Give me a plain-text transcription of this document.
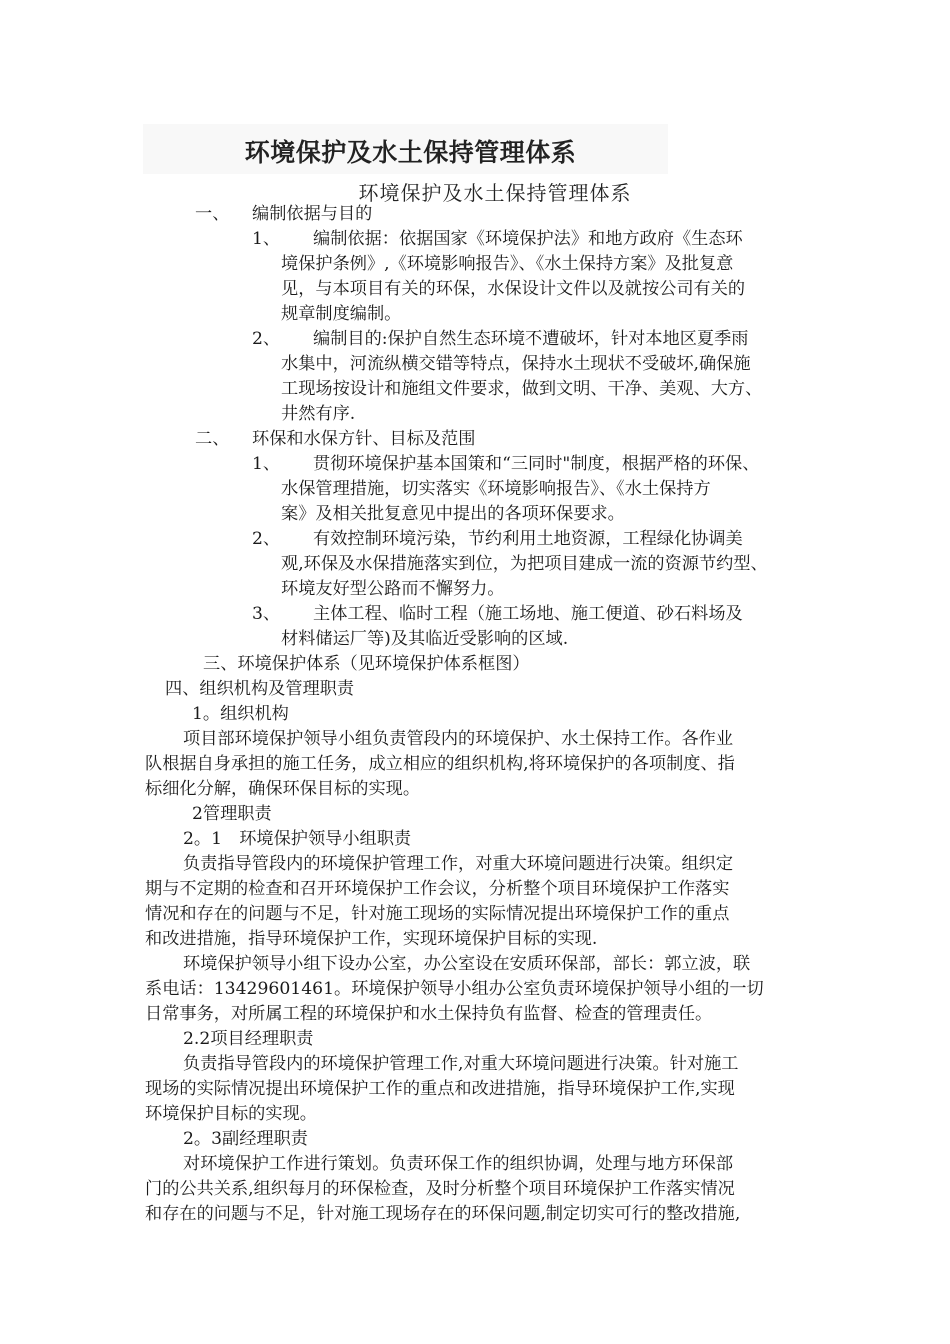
环境保护及水土保持管理体系
环境保护及水土保持管理体系
一、 编制依据与目的
1、 编制依据：依据国家《环境保护法》和地方政府《生态环
境保护条例》,《环境影响报告》、《水土保持方案》及批复意
见，与本项目有关的环保，水保设计文件以及就按公司有关的
规章制度编制。
2、 编制目的:保护自然生态环境不遭破坏，针对本地区夏季雨
水集中，河流纵横交错等特点，保持水土现状不受破坏,确保施
工现场按设计和施组文件要求，做到文明、干净、美观、大方、
井然有序.
二、 环保和水保方针、目标及范围
1、 贯彻环境保护基本国策和“三同时"制度，根据严格的环保、
水保管理措施，切实落实《环境影响报告》、《水土保持方
案》及相关批复意见中提出的各项环保要求。
2、 有效控制环境污染，节约利用土地资源，工程绿化协调美
观,环保及水保措施落实到位，为把项目建成一流的资源节约型、
环境友好型公路而不懈努力。
3、 主体工程、临时工程（施工场地、施工便道、砂石料场及
材料储运厂等)及其临近受影响的区域.
三、环境保护体系（见环境保护体系框图）
四、组织机构及管理职责
1。组织机构
项目部环境保护领导小组负责管段内的环境保护、水土保持工作。各作业
队根据自身承担的施工任务，成立相应的组织机构,将环境保护的各项制度、指
标细化分解，确保环保目标的实现。
2管理职责
2。1　环境保护领导小组职责
负责指导管段内的环境保护管理工作，对重大环境问题进行决策。组织定
期与不定期的检查和召开环境保护工作会议，分析整个项目环境保护工作落实
情况和存在的问题与不足，针对施工现场的实际情况提出环境保护工作的重点
和改进措施，指导环境保护工作，实现环境保护目标的实现.
环境保护领导小组下设办公室，办公室设在安质环保部，部长：郭立波，联
系电话：13429601461。环境保护领导小组办公室负责环境保护领导小组的一切
日常事务，对所属工程的环境保护和水土保持负有监督、检查的管理责任。
2.2项目经理职责
负责指导管段内的环境保护管理工作,对重大环境问题进行决策。针对施工
现场的实际情况提出环境保护工作的重点和改进措施，指导环境保护工作,实现
环境保护目标的实现。
2。3副经理职责
对环境保护工作进行策划。负责环保工作的组织协调，处理与地方环保部
门的公共关系,组织每月的环保检查，及时分析整个项目环境保护工作落实情况
和存在的问题与不足，针对施工现场存在的环保问题,制定切实可行的整改措施,
